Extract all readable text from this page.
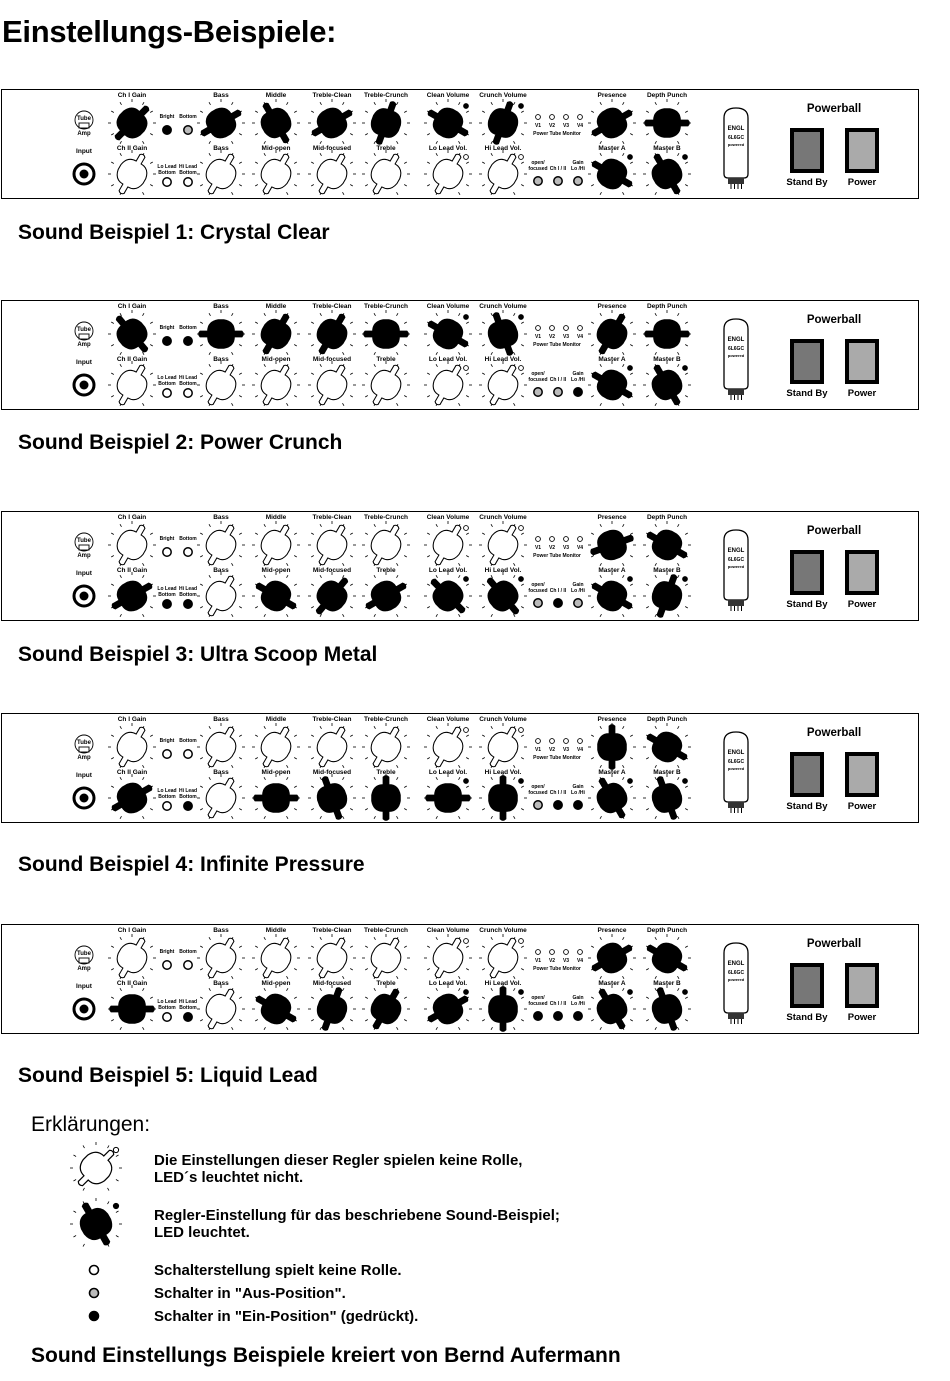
Einstellungs-Beispiele:
Tube
Amp
Input
Ch I Gain
Ch II Gain
Bass
Bass
Middle
Mid-open
Treble-Clean
Mid-focused
Treble-Crunch
Treble
Clean Volume
Lo Lead Vol.
Crunch Volume
Hi Lead Vol.
Presence
Master A
Depth Punch
Master B
Bright Bottom
Lo Lead
Bottom
Hi Lead
Bottom
V1 V2 V3 V4
Power Tube Monitor
open/
focused Ch I / II
Gain
Lo /Hi
ENGL
6L6GC
powered
Powerball
Stand By Power

Sound Beispiel 1: Crystal Clear

Tube
Amp
Input
Ch I Gain
Ch II Gain
Bass
Bass
Middle
Mid-open
Treble-Clean
Mid-focused
Treble-Crunch
Treble
Clean Volume
Lo Lead Vol.
Crunch Volume
Hi Lead Vol.
Presence
Master A
Depth Punch
Master B
Bright Bottom
Lo Lead
Bottom
Hi Lead
Bottom
V1 V2 V3 V4
Power Tube Monitor
open/
focused Ch I / II
Gain
Lo /Hi
ENGL
6L6GC
powered
Powerball
Stand By Power

Sound Beispiel 2: Power Crunch

Tube
Amp
Input
Ch I Gain
Ch II Gain
Bass
Bass
Middle
Mid-open
Treble-Clean
Mid-focused
Treble-Crunch
Treble
Clean Volume
Lo Lead Vol.
Crunch Volume
Hi Lead Vol.
Presence
Master A
Depth Punch
Master B
Bright Bottom
Lo Lead
Bottom
Hi Lead
Bottom
V1 V2 V3 V4
Power Tube Monitor
open/
focused Ch I / II
Gain
Lo /Hi
ENGL
6L6GC
powered
Powerball
Stand By Power

Sound Beispiel 3: Ultra Scoop Metal

Tube
Amp
Input
Ch I Gain
Ch II Gain
Bass
Bass
Middle
Mid-open
Treble-Clean
Mid-focused
Treble-Crunch
Treble
Clean Volume
Lo Lead Vol.
Crunch Volume
Hi Lead Vol.
Presence
Master A
Depth Punch
Master B
Bright Bottom
Lo Lead
Bottom
Hi Lead
Bottom
V1 V2 V3 V4
Power Tube Monitor
open/
focused Ch I / II
Gain
Lo /Hi
ENGL
6L6GC
powered
Powerball
Stand By Power

Sound Beispiel 4: Infinite Pressure

Tube
Amp
Input
Ch I Gain
Ch II Gain
Bass
Bass
Middle
Mid-open
Treble-Clean
Mid-focused
Treble-Crunch
Treble
Clean Volume
Lo Lead Vol.
Crunch Volume
Hi Lead Vol.
Presence
Master A
Depth Punch
Master B
Bright Bottom
Lo Lead
Bottom
Hi Lead
Bottom
V1 V2 V3 V4
Power Tube Monitor
open/
focused Ch I / II
Gain
Lo /Hi
ENGL
6L6GC
powered
Powerball
Stand By Power

Sound Beispiel 5: Liquid Lead

Erklärungen:

Die Einstellungen dieser Regler spielen keine Rolle,
LED´s leuchtet nicht.
Regler-Einstellung für das beschriebene Sound-Beispiel;
LED leuchtet.
Schalterstellung spielt keine Rolle.
Schalter in "Aus-Position".
Schalter in "Ein-Position" (gedrückt).

Sound Einstellungs Beispiele kreiert von Bernd Aufermann
